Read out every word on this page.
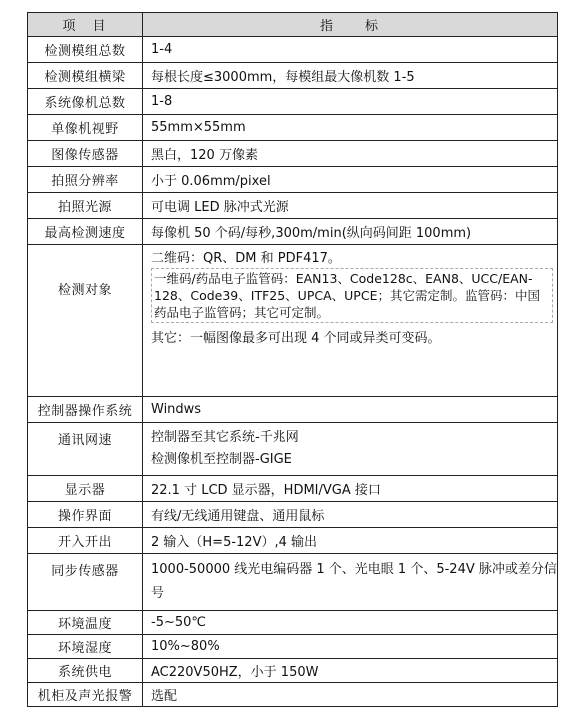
项　目	指　　标
检测模组总数	1-4
检测模组横梁	每根长度≤3000mm，每模组最大像机数 1-5
系统像机总数	1-8
单像机视野	55mm×55mm
图像传感器	黑白，120 万像素
拍照分辨率	小于 0.06mm/pixel
拍照光源	可电调 LED 脉冲式光源
最高检测速度	每像机 50 个码/每秒,300m/min(纵向码间距 100mm)
检测对象	二维码：QR、DM 和 PDF417。
一维码/药品电子监管码：EAN13、Code128c、EAN8、UCC/EAN-128、Code39、ITF25、UPCA、UPCE；其它需定制。监管码：中国药品电子监管码；其它可定制。
其它：一幅图像最多可出现 4 个同或异类可变码。

控制器操作系统	Windws
通讯网速	控制器至其它系统-千兆网
检测像机至控制器-GIGE

显示器	22.1 寸 LCD 显示器，HDMI/VGA 接口
操作界面	有线/无线通用键盘、通用鼠标
开入开出	2 输入（H=5-12V）,4 输出
同步传感器	1000-50000 线光电编码器 1 个、光电眼 1 个、5-24V 脉冲或差分信号
环境温度	-5~50℃
环境湿度	10%~80%
系统供电	AC220V50HZ，小于 150W
机柜及声光报警	选配
